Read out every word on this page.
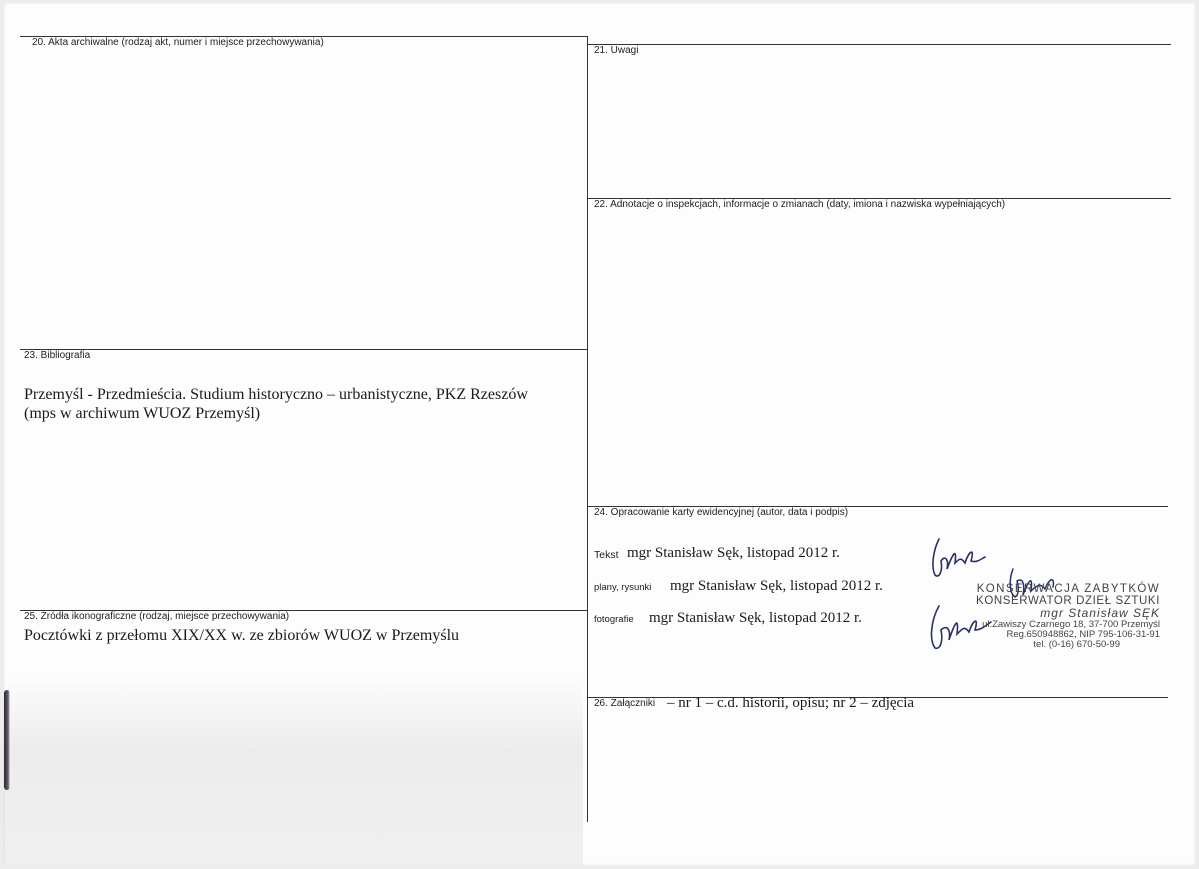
20. Akta archiwalne (rodzaj akt, numer i miejsce przechowywania)
21. Uwagi
22. Adnotacje o inspekcjach, informacje o zmianach (daty, imiona i nazwiska wypełniających)
23. Bibliografia
Przemyśl - Przedmieścia. Studium historyczno – urbanistyczne, PKZ Rzeszów
(mps w archiwum WUOZ Przemyśl)
24. Opracowanie karty ewidencyjnej (autor, data i podpis)
Tekst mgr Stanisław Sęk, listopad 2012 r.
plany, rysunki mgr Stanisław Sęk, listopad 2012 r.
fotografie mgr Stanisław Sęk, listopad 2012 r.
KONSERWACJA ZABYTKÓW
KONSERWATOR DZIEŁ SZTUKI
mgr Stanisław SĘK
ul.Zawiszy Czarnego 18, 37-700 Przemyśl
Reg.650948862, NIP 795-106-31-91
tel. (0-16) 670-50-99
25. Źródła ikonograficzne (rodzaj, miejsce przechowywania)
Pocztówki z przełomu XIX/XX w. ze zbiorów WUOZ w Przemyślu
26. Załączniki – nr 1 – c.d. historii, opisu; nr 2 – zdjęcia
